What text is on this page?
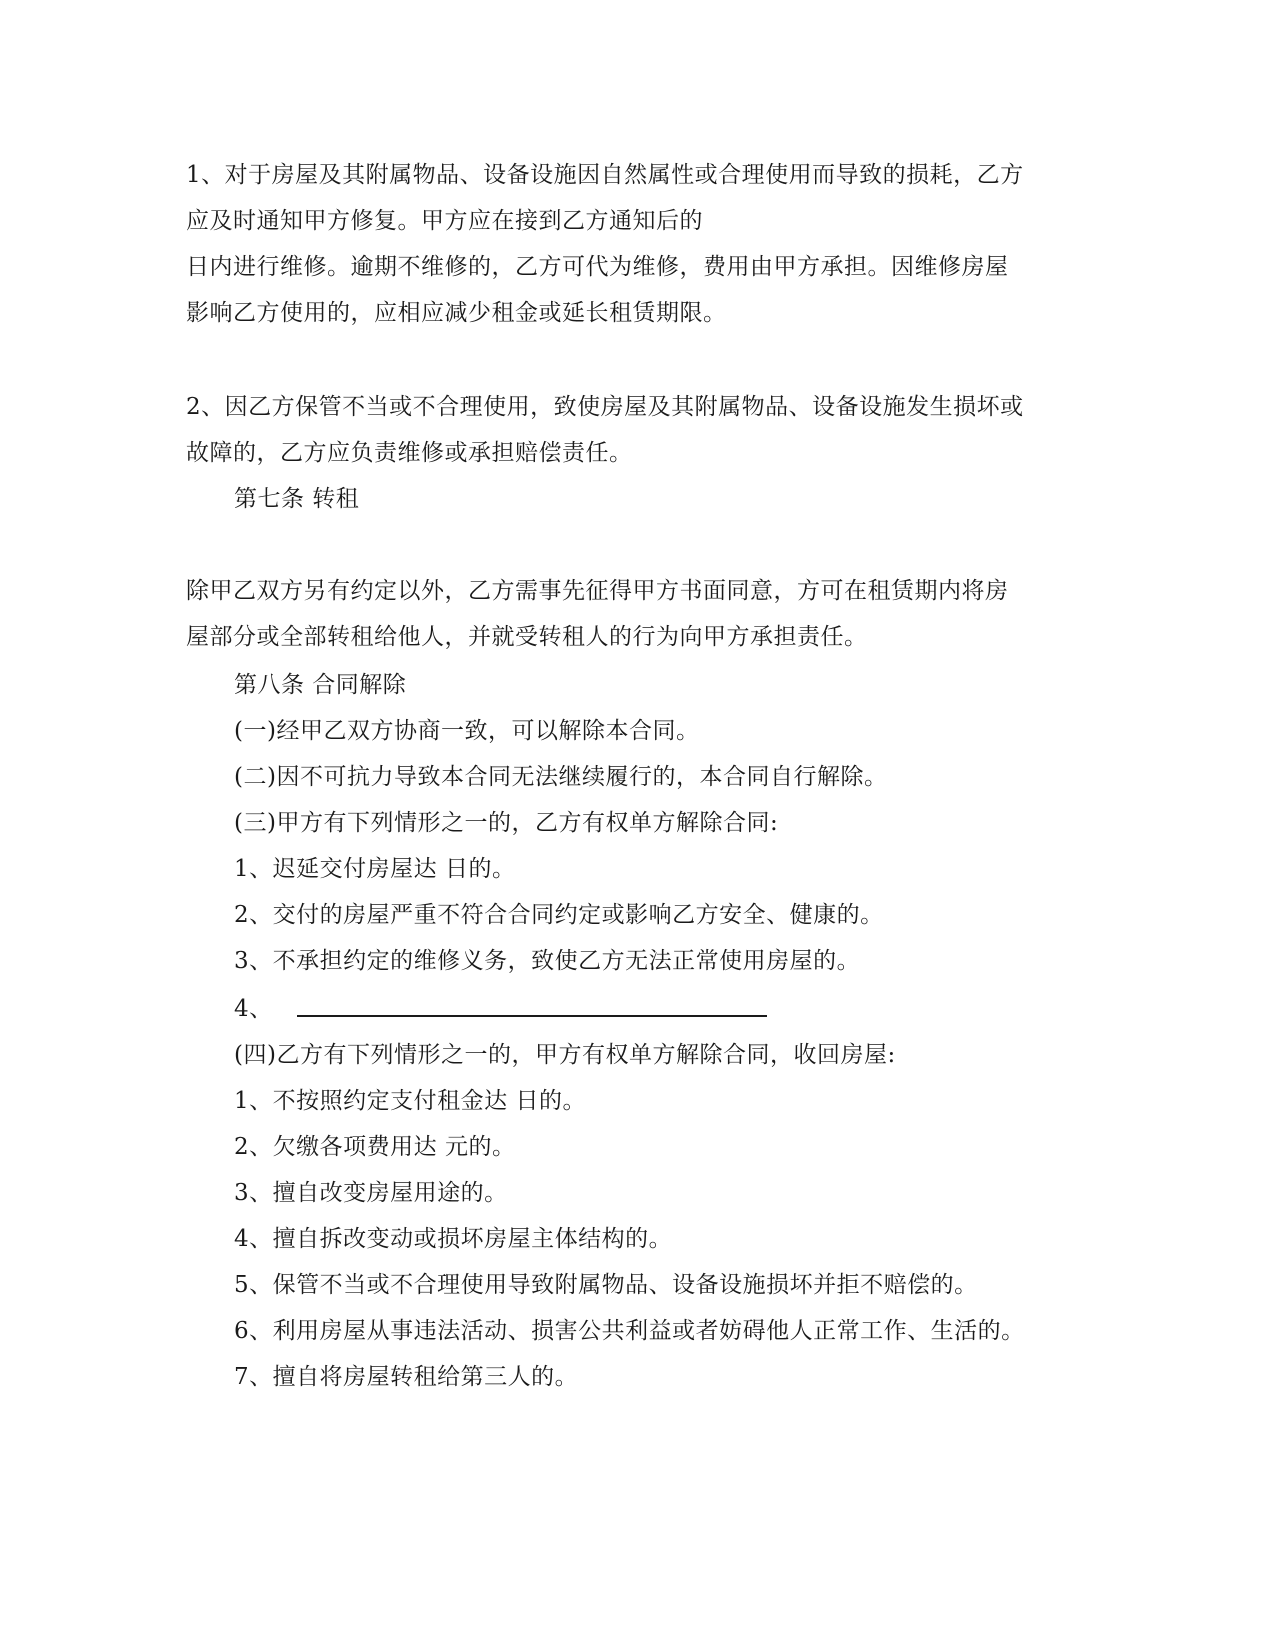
1、对于房屋及其附属物品、设备设施因自然属性或合理使用而导致的损耗，乙方
应及时通知甲方修复。甲方应在接到乙方通知后的
日内进行维修。逾期不维修的，乙方可代为维修，费用由甲方承担。因维修房屋
影响乙方使用的，应相应减少租金或延长租赁期限。
2、因乙方保管不当或不合理使用，致使房屋及其附属物品、设备设施发生损坏或
故障的，乙方应负责维修或承担赔偿责任。
第七条 转租
除甲乙双方另有约定以外，乙方需事先征得甲方书面同意，方可在租赁期内将房
屋部分或全部转租给他人，并就受转租人的行为向甲方承担责任。
第八条 合同解除
(一)经甲乙双方协商一致，可以解除本合同。
(二)因不可抗力导致本合同无法继续履行的，本合同自行解除。
(三)甲方有下列情形之一的，乙方有权单方解除合同:
1、迟延交付房屋达 日的。
2、交付的房屋严重不符合合同约定或影响乙方安全、健康的。
3、不承担约定的维修义务，致使乙方无法正常使用房屋的。
4、
(四)乙方有下列情形之一的，甲方有权单方解除合同，收回房屋:
1、不按照约定支付租金达 日的。
2、欠缴各项费用达 元的。
3、擅自改变房屋用途的。
4、擅自拆改变动或损坏房屋主体结构的。
5、保管不当或不合理使用导致附属物品、设备设施损坏并拒不赔偿的。
6、利用房屋从事违法活动、损害公共利益或者妨碍他人正常工作、生活的。
7、擅自将房屋转租给第三人的。
